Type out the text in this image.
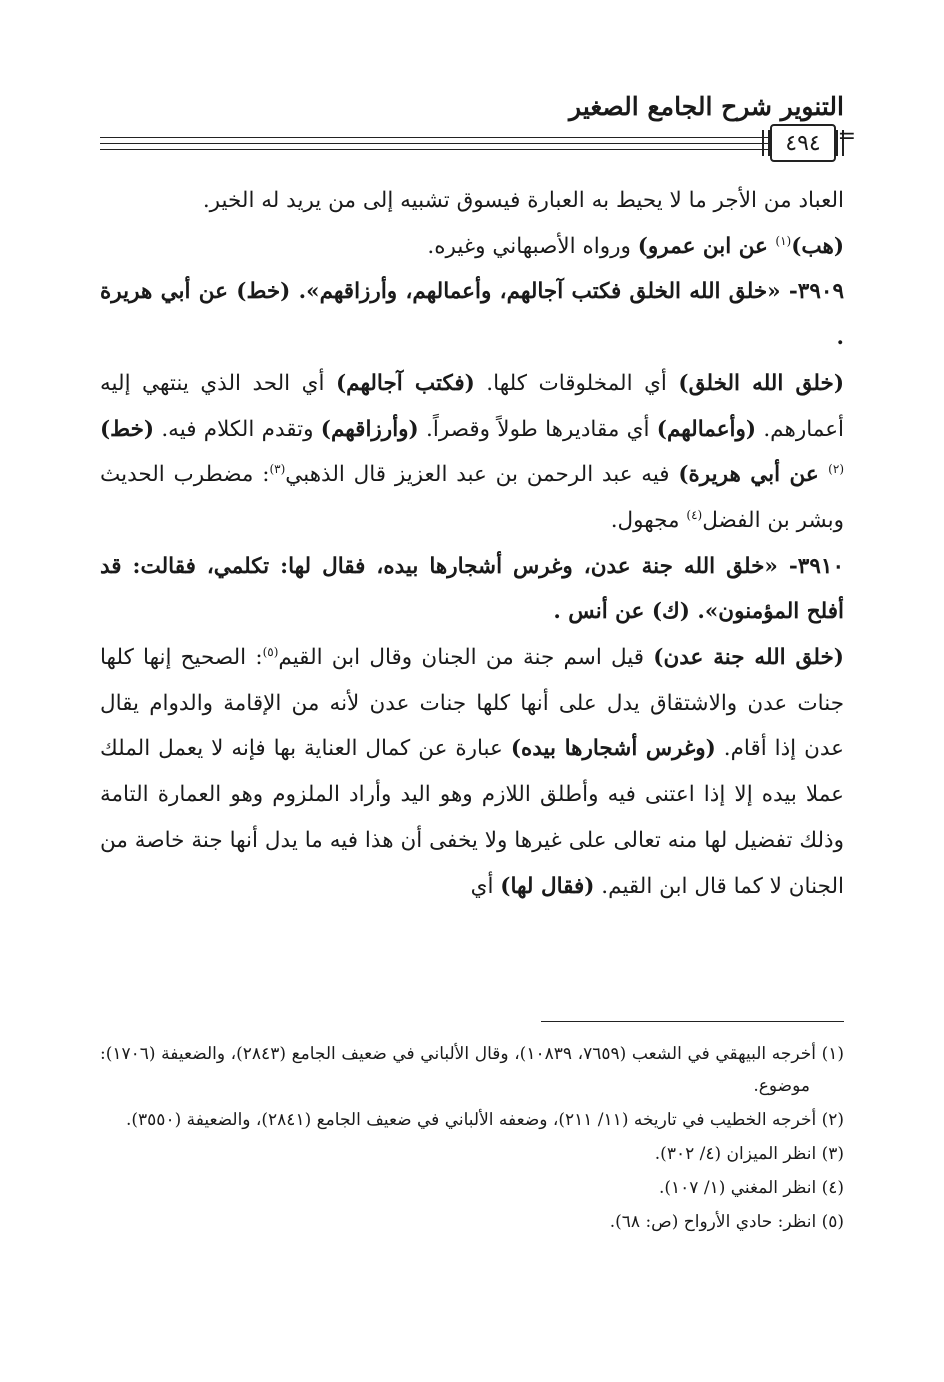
التنوير شرح الجامع الصغير
٤٩٤ =

العباد من الأجر ما لا يحيط به العبارة فيسوق تشبيه إلى من يريد له الخير.
(هب)$^{(١)}$ عن ابن عمرو) ورواه الأصبهاني وغيره.

٣٩٠٩- «خلق الله الخلق فكتب آجالهم، وأعمالهم، وأرزاقهم». (خط) عن أبي هريرة .

(خلق الله الخلق) أي المخلوقات كلها. (فكتب آجالهم) أي الحد الذي ينتهي إليه أعمارهم. (وأعمالهم) أي مقاديرها طولاً وقصراً. (وأرزاقهم) وتقدم الكلام فيه. (خط)$^{(٢)}$ عن أبي هريرة) فيه عبد الرحمن بن عبد العزيز قال الذهبي$^{(٣)}$: مضطرب الحديث وبشر بن الفضل$^{(٤)}$ مجهول.

٣٩١٠- «خلق الله جنة عدن، وغرس أشجارها بيده، فقال لها: تكلمي، فقالت: قد أفلح المؤمنون». (ك) عن أنس .

(خلق الله جنة عدن) قيل اسم جنة من الجنان وقال ابن القيم$^{(٥)}$: الصحيح إنها كلها جنات عدن والاشتقاق يدل على أنها كلها جنات عدن لأنه من الإقامة والدوام يقال عدن إذا أقام. (وغرس أشجارها بيده) عبارة عن كمال العناية بها فإنه لا يعمل الملك عملا بيده إلا إذا اعتنى فيه وأطلق اللازم وهو اليد وأراد الملزوم وهو العمارة التامة وذلك تفضيل لها منه تعالى على غيرها ولا يخفى أن هذا فيه ما يدل أنها جنة خاصة من الجنان لا كما قال ابن القيم. (فقال لها) أي

(١) أخرجه البيهقي في الشعب (٧٦٥٩، ١٠٨٣٩)، وقال الألباني في ضعيف الجامع (٢٨٤٣)، والضعيفة (١٧٠٦): موضوع.

(٢) أخرجه الخطيب في تاريخه (١١/ ٢١١)، وضعفه الألباني في ضعيف الجامع (٢٨٤١)، والضعيفة (٣٥٥٠).

(٣) انظر الميزان (٤/ ٣٠٢).

(٤) انظر المغني (١/ ١٠٧).

(٥) انظر: حادي الأرواح (ص: ٦٨).
